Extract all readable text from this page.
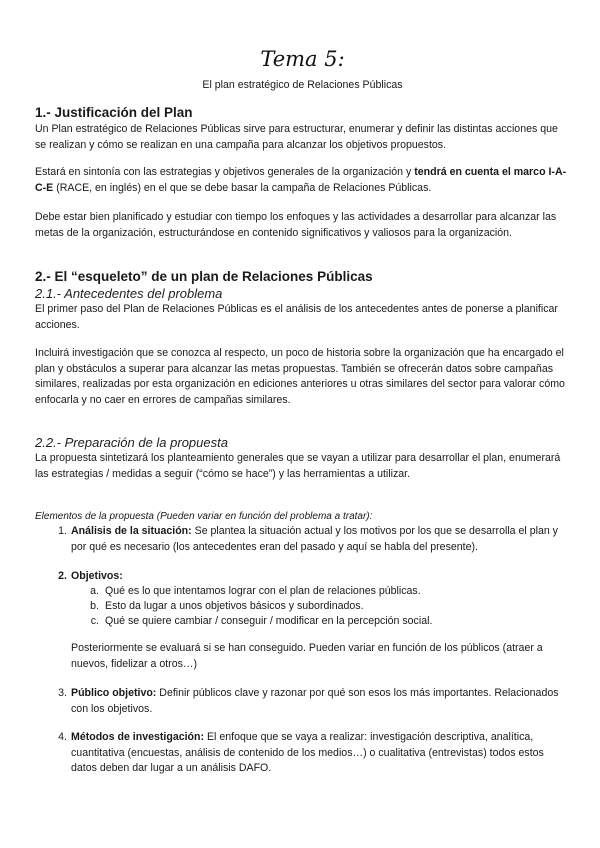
Tema 5:
El plan estratégico de Relaciones Públicas
1.- Justificación del Plan

Un Plan estratégico de Relaciones Públicas sirve para estructurar, enumerar y definir las distintas acciones que se realizan y cómo se realizan en una campaña para alcanzar los objetivos propuestos.

Estará en sintonía con las estrategias y objetivos generales de la organización y tendrá en cuenta el marco I-A-C-E (RACE, en inglés) en el que se debe basar la campaña de Relaciones Públicas.

Debe estar bien planificado y estudiar con tiempo los enfoques y las actividades a desarrollar para alcanzar las metas de la organización, estructurándose en contenido significativos y valiosos para la organización.

2.- El “esqueleto” de un plan de Relaciones Públicas
2.1.- Antecedentes del problema

El primer paso del Plan de Relaciones Públicas es el análisis de los antecedentes antes de ponerse a planificar acciones.

Incluirá investigación que se conozca al respecto, un poco de historia sobre la organización que ha encargado el plan y obstáculos a superar para alcanzar las metas propuestas. También se ofrecerán datos sobre campañas similares, realizadas por esta organización en ediciones anteriores u otras similares del sector para valorar cómo enfocarla y no caer en errores de campañas similares.

2.2.- Preparación de la propuesta

La propuesta sintetizará los planteamiento generales que se vayan a utilizar para desarrollar el plan, enumerará las estrategias / medidas a seguir (“cómo se hace”) y las herramientas a utilizar.

Elementos de la propuesta (Pueden variar en función del problema a tratar):

1. Análisis de la situación: Se plantea la situación actual y los motivos por los que se desarrolla el plan y por qué es necesario (los antecedentes eran del pasado y aquí se habla del presente).

2. Objetivos:

a. Qué es lo que intentamos lograr con el plan de relaciones públicas.
b. Esto da lugar a unos objetivos básicos y subordinados.
c. Qué se quiere cambiar / conseguir / modificar en la percepción social.

Posteriormente se evaluará si se han conseguido. Pueden variar en función de los públicos (atraer a nuevos, fidelizar a otros…)

3. Público objetivo: Definir públicos clave y razonar por qué son esos los más importantes. Relacionados con los objetivos.

4. Métodos de investigación: El enfoque que se vaya a realizar: investigación descriptiva, analítica, cuantitativa (encuestas, análisis de contenido de los medios…) o cualitativa (entrevistas) todos estos datos deben dar lugar a un análisis DAFO.
